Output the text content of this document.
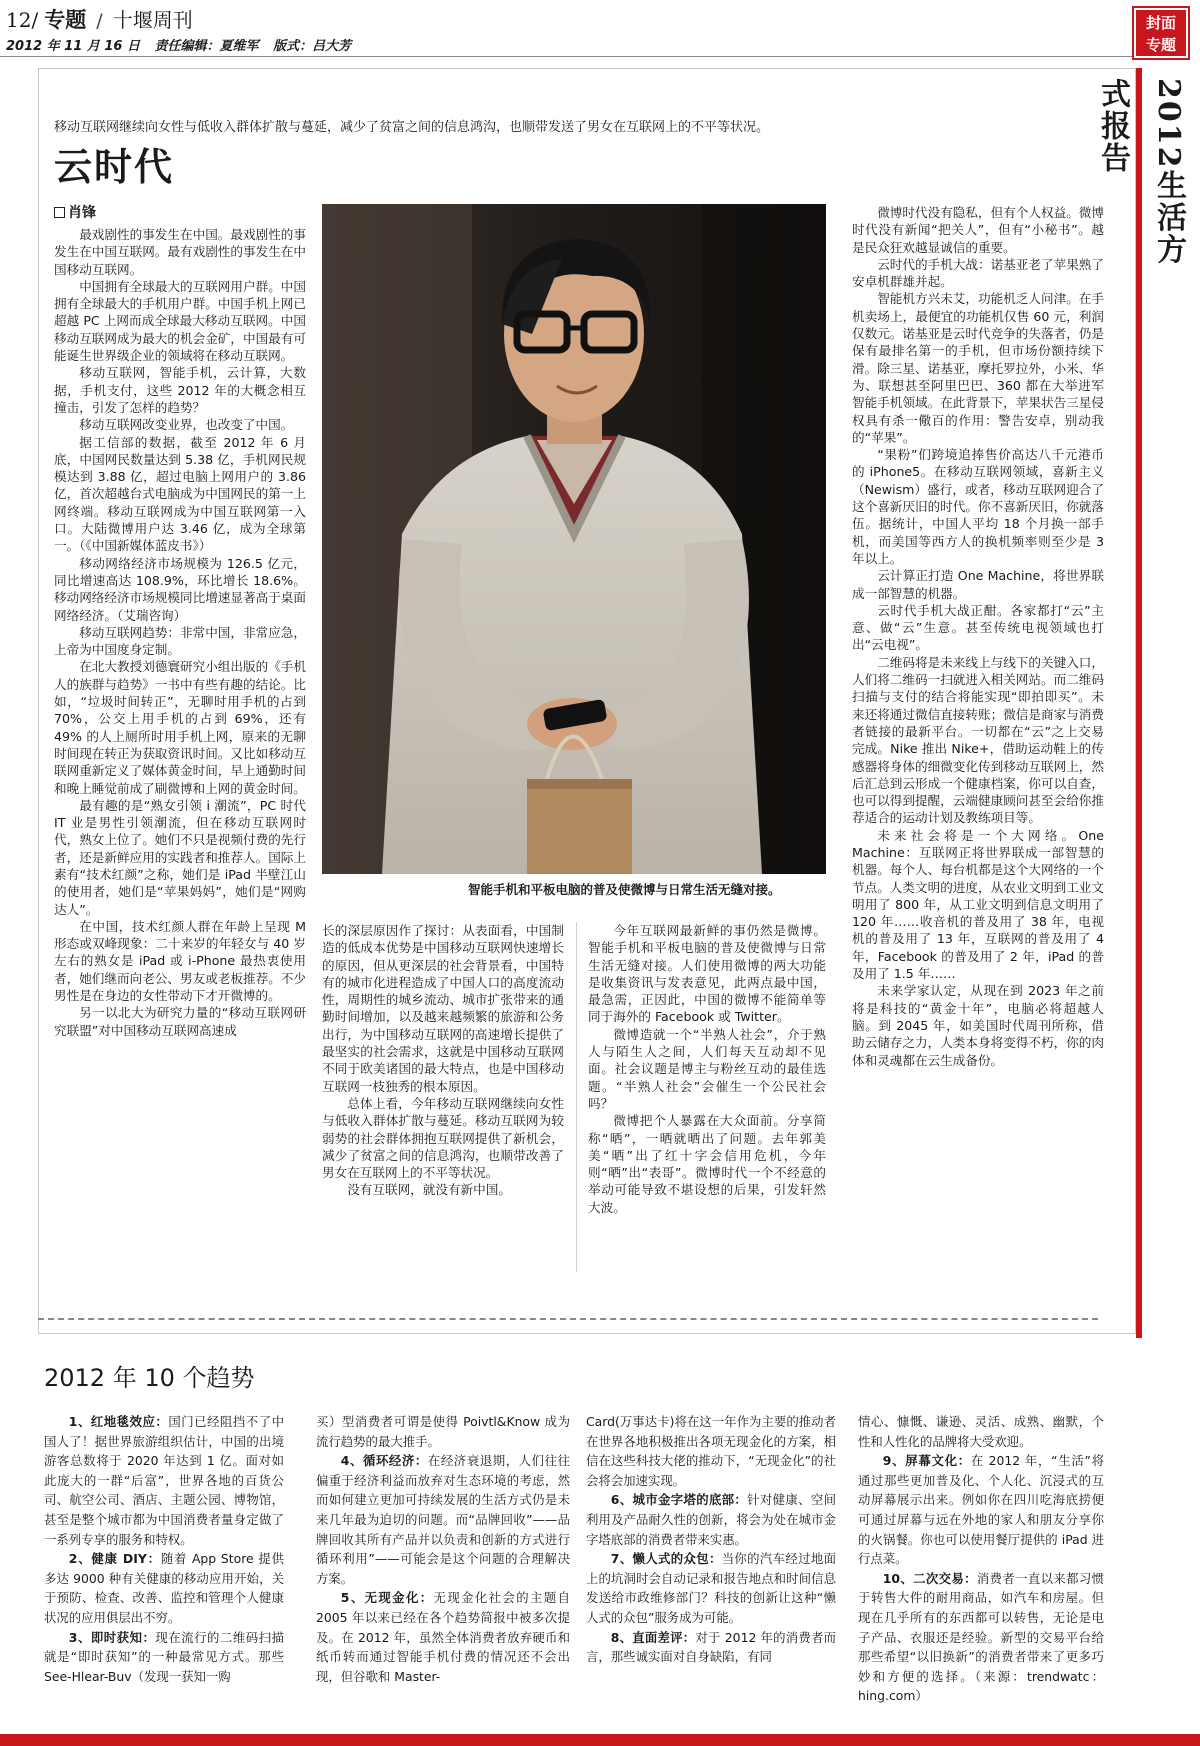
12/ 专题 / 十堰周刊
2012 年 11 月 16 日 责任编辑：夏维军 版式：吕大芳
封面
专题
2012生活方式报告
移动互联网继续向女性与低收入群体扩散与蔓延，减少了贫富之间的信息鸿沟，也顺带发送了男女在互联网上的不平等状况。
云时代
肖锋

最戏剧性的事发生在中国。最戏剧性的事发生在中国互联网。最有戏剧性的事发生在中国移动互联网。

中国拥有全球最大的互联网用户群。中国拥有全球最大的手机用户群。中国手机上网已超越 PC 上网而成全球最大移动互联网。中国移动互联网成为最大的机会金矿，中国最有可能诞生世界级企业的领域将在移动互联网。

移动互联网，智能手机，云计算，大数据，手机支付，这些 2012 年的大概念相互撞击，引发了怎样的趋势？

移动互联网改变业界，也改变了中国。

据工信部的数据，截至 2012 年 6 月底，中国网民数量达到 5.38 亿，手机网民规模达到 3.88 亿，超过电脑上网用户的 3.86 亿，首次超越台式电脑成为中国网民的第一上网终端。移动互联网成为中国互联网第一入口。大陆微博用户达 3.46 亿，成为全球第一。（《中国新媒体蓝皮书》）

移动网络经济市场规模为 126.5 亿元，同比增速高达 108.9%，环比增长 18.6%。移动网络经济市场规模同比增速显著高于桌面网络经济。（艾瑞咨询）

移动互联网趋势：非常中国，非常应急，上帝为中国度身定制。

在北大教授刘德寰研究小组出版的《手机人的族群与趋势》一书中有些有趣的结论。比如，“垃圾时间转正”，无聊时用手机的占到 70%，公交上用手机的占到 69%，还有 49% 的人上厕所时用手机上网，原来的无聊时间现在转正为获取资讯时间。又比如移动互联网重新定义了媒体黄金时间，早上通勤时间和晚上睡觉前成了刷微博和上网的黄金时间。

最有趣的是“熟女引领 i 潮流”，PC 时代 IT 业是男性引领潮流，但在移动互联网时代，熟女上位了。她们不只是视频付费的先行者，还是新鲜应用的实践者和推荐人。国际上素有“技术红颜”之称，她们是 iPad 半壁江山的使用者，她们是“苹果妈妈”，她们是“网购达人”。

在中国，技术红颜人群在年龄上呈现 M 形态或双峰现象：二十来岁的年轻女与 40 岁左右的熟女是 iPad 或 i-Phone 最热衷使用者，她们继而向老公、男友或老板推荐。不少男性是在身边的女性带动下才开微博的。

另一以北大为研究力量的“移动互联网研究联盟”对中国移动互联网高速成

智能手机和平板电脑的普及使微博与日常生活无缝对接。

长的深层原因作了探讨：从表面看，中国制造的低成本优势是中国移动互联网快速增长的原因，但从更深层的社会背景看，中国特有的城市化进程造成了中国人口的高度流动性，周期性的城乡流动、城市扩张带来的通勤时间增加，以及越来越频繁的旅游和公务出行，为中国移动互联网的高速增长提供了最坚实的社会需求，这就是中国移动互联网不同于欧美诸国的最大特点，也是中国移动互联网一枝独秀的根本原因。

总体上看，今年移动互联网继续向女性与低收入群体扩散与蔓延。移动互联网为较弱势的社会群体拥抱互联网提供了新机会，减少了贫富之间的信息鸿沟，也顺带改善了男女在互联网上的不平等状况。

没有互联网，就没有新中国。

今年互联网最新鲜的事仍然是微博。智能手机和平板电脑的普及使微博与日常生活无缝对接。人们使用微博的两大功能是收集资讯与发表意见，此两点最中国，最急需，正因此，中国的微博不能简单等同于海外的 Facebook 或 Twitter。

微博造就一个“半熟人社会”，介于熟人与陌生人之间，人们每天互动却不见面。社会议题是博主与粉丝互动的最佳选题。“半熟人社会”会催生一个公民社会吗？

微博把个人暴露在大众面前。分享简称“晒”，一晒就晒出了问题。去年郭美美“晒”出了红十字会信用危机，今年则“晒”出“表哥”。微博时代一个不经意的举动可能导致不堪设想的后果，引发轩然大波。

微博时代没有隐私，但有个人权益。微博时代没有新闻“把关人”，但有“小秘书”。越是民众狂欢越显诚信的重要。

云时代的手机大战：诺基亚老了苹果熟了安卓机群雄并起。

智能机方兴未艾，功能机乏人问津。在手机卖场上，最便宜的功能机仅售 60 元，利润仅数元。诺基亚是云时代竞争的失落者，仍是保有最排名第一的手机，但市场份额持续下滑。除三星、诺基亚，摩托罗拉外，小米、华为、联想甚至阿里巴巴、360 都在大举进军智能手机领域。在此背景下，苹果状告三星侵权具有杀一儆百的作用：警告安卓，别动我的“苹果”。

“果粉”们跨境追捧售价高达八千元港币的 iPhone5。在移动互联网领域，喜新主义（Newism）盛行，或者，移动互联网迎合了这个喜新厌旧的时代。你不喜新厌旧，你就落伍。据统计，中国人平均 18 个月换一部手机，而美国等西方人的换机频率则至少是 3 年以上。

云计算正打造 One Machine，将世界联成一部智慧的机器。

云时代手机大战正酣。各家都打“云”主意、做“云”生意。甚至传统电视领域也打出“云电视”。

二维码将是未来线上与线下的关键入口，人们将二维码一扫就进入相关网站。而二维码扫描与支付的结合将能实现“即拍即买”。未来还将通过微信直接转账；微信是商家与消费者链接的最新平台。一切都在“云”之上交易完成。Nike 推出 Nike+，借助运动鞋上的传感器将身体的细微变化传到移动互联网上，然后汇总到云形成一个健康档案，你可以自查，也可以得到提醒，云端健康顾问甚至会给你推荐适合的运动计划及教练项目等。

未来社会将是一个大网络。One Machine：互联网正将世界联成一部智慧的机器。每个人、每台机都是这个大网络的一个节点。人类文明的进度，从农业文明到工业文明用了 800 年，从工业文明到信息文明用了 120 年……收音机的普及用了 38 年，电视机的普及用了 13 年，互联网的普及用了 4 年，Facebook 的普及用了 2 年，iPad 的普及用了 1.5 年……

未来学家认定，从现在到 2023 年之前将是科技的“黄金十年”，电脑必将超越人脑。到 2045 年，如美国时代周刊所称，借助云储存之力，人类本身将变得不朽，你的肉体和灵魂都在云生成备份。

2012 年 10 个趋势

1、红地毯效应：国门已经阻挡不了中国人了！据世界旅游组织估计，中国的出境游客总数将于 2020 年达到 1 亿。面对如此庞大的一群“后富”，世界各地的百货公司、航空公司、酒店、主题公园、博物馆，甚至是整个城市都为中国消费者量身定做了一系列专享的服务和特权。

2、健康 DIY：随着 App Store 提供多达 9000 种有关健康的移动应用开始，关于预防、检查、改善、监控和管理个人健康状况的应用俱层出不穷。

3、即时获知：现在流行的二维码扫描就是“即时获知”的一种最常见方式。那些 See-Hlear-Buv（发现一获知一购

买）型消费者可谓是使得 Poivtl&Know 成为流行趋势的最大推手。

4、循环经济：在经济衰退期，人们往往偏重于经济利益而放弃对生态环境的考虑，然而如何建立更加可持续发展的生活方式仍是未来几年最为迫切的问题。而“品牌回收”——品牌回收其所有产品并以负责和创新的方式进行循环利用”——可能会是这个问题的合理解决方案。

5、无现金化：无现金化社会的主题自 2005 年以来已经在各个趋势简报中被多次提及。在 2012 年，虽然全体消费者放弃硬币和纸币转而通过智能手机付费的情况还不会出现，但谷歌和 Master-

Card(万事达卡)将在这一年作为主要的推动者在世界各地积极推出各项无现金化的方案，相信在这些科技大佬的推动下，“无现金化”的社会将会加速实现。

6、城市金字塔的底部：针对健康、空间利用及产品耐久性的创新，将会为处在城市金字塔底部的消费者带来实惠。

7、懒人式的众包：当你的汽车经过地面上的坑洞时会自动记录和报告地点和时间信息发送给市政维修部门？科技的创新让这种“懒人式的众包”服务成为可能。

8、直面差评：对于 2012 年的消费者而言，那些诚实面对自身缺陷，有同

情心、慷慨、谦逊、灵活、成熟、幽默，个性和人性化的品牌将大受欢迎。

9、屏幕文化：在 2012 年，“生活”将通过那些更加普及化、个人化、沉浸式的互动屏幕展示出来。例如你在四川吃海底捞便可通过屏幕与远在外地的家人和朋友分享你的火锅餐。你也可以使用餐厅提供的 iPad 进行点菜。

10、二次交易：消费者一直以来都习惯于转售大件的耐用商品，如汽车和房屋。但现在几乎所有的东西都可以转售，无论是电子产品、衣服还是经验。新型的交易平台给那些希望“以旧换新”的消费者带来了更多巧妙和方便的选择。（来源：trendwatc：hing.com）
